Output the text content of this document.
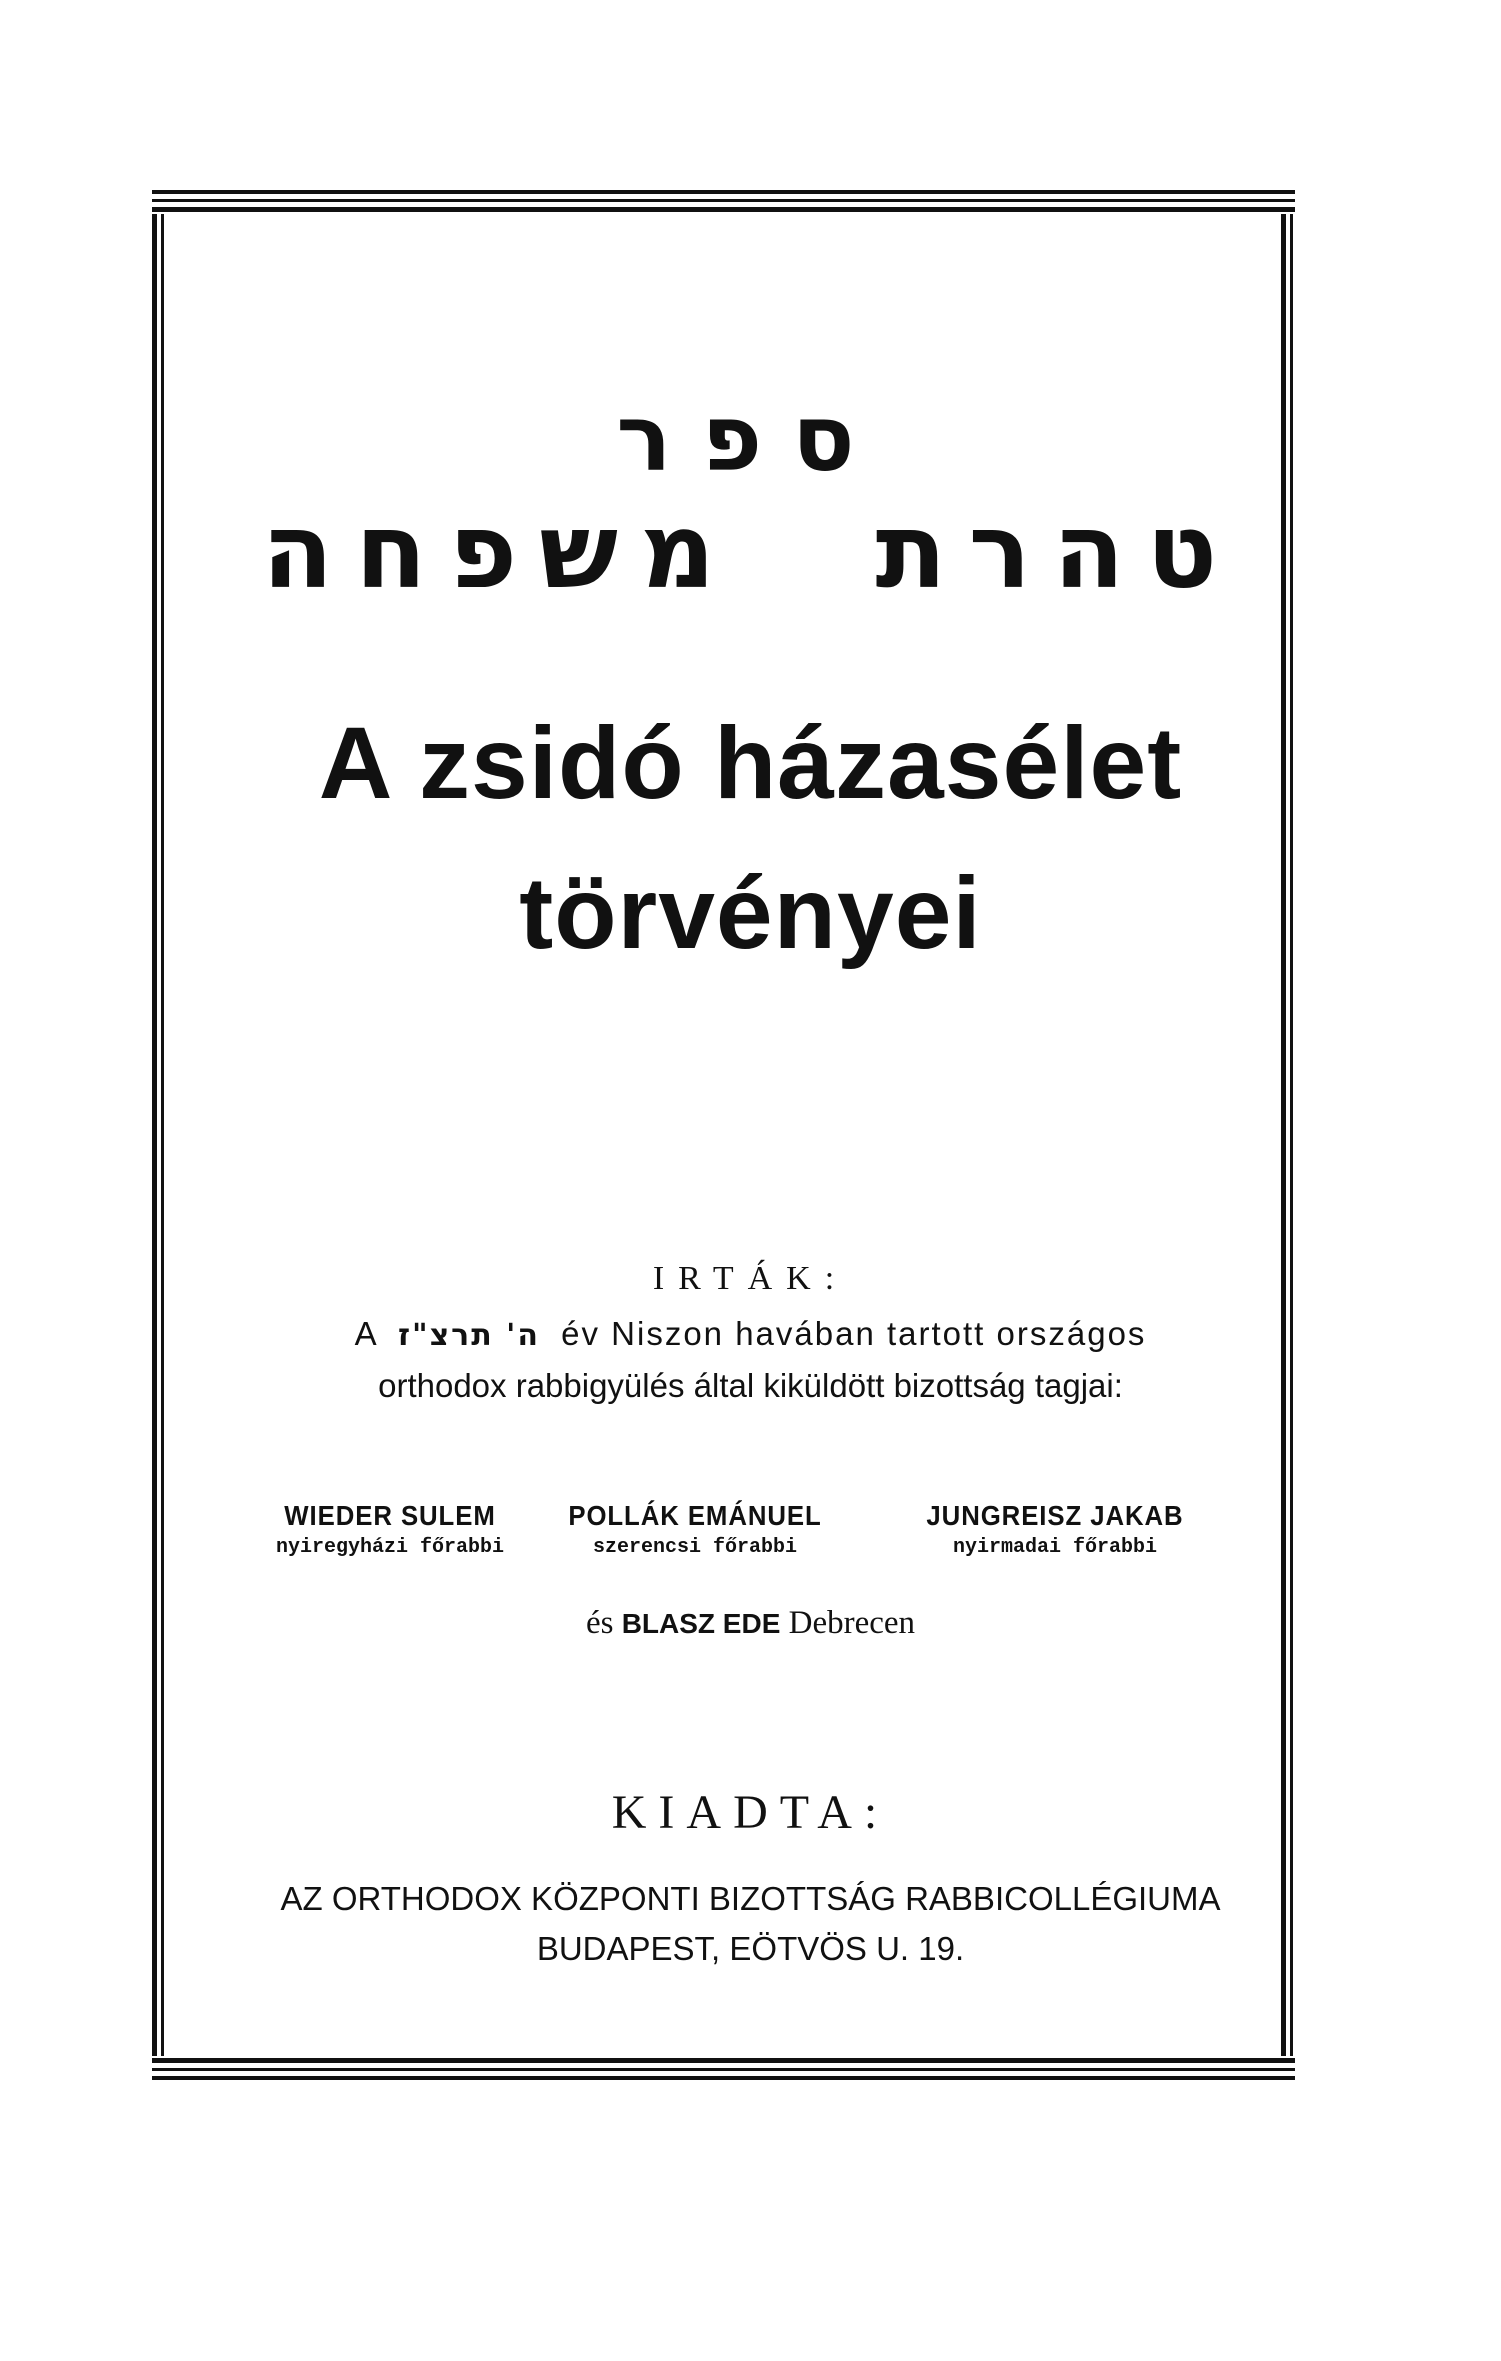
ספר
טהרת משפחה
A zsidó házasélet
törvényei
IRTÁK:
A ה' תרצ"ז év Niszon havában tartott országos
orthodox rabbigyülés által kiküldött bizottság tagjai:
WIEDER SULEM
nyiregyházi főrabbi
POLLÁK EMÁNUEL
szerencsi főrabbi
JUNGREISZ JAKAB
nyirmadai főrabbi
és BLASZ EDE Debrecen
KIADTA:
AZ ORTHODOX KÖZPONTI BIZOTTSÁG RABBICOLLÉGIUMA
BUDAPEST, EÖTVÖS U. 19.
